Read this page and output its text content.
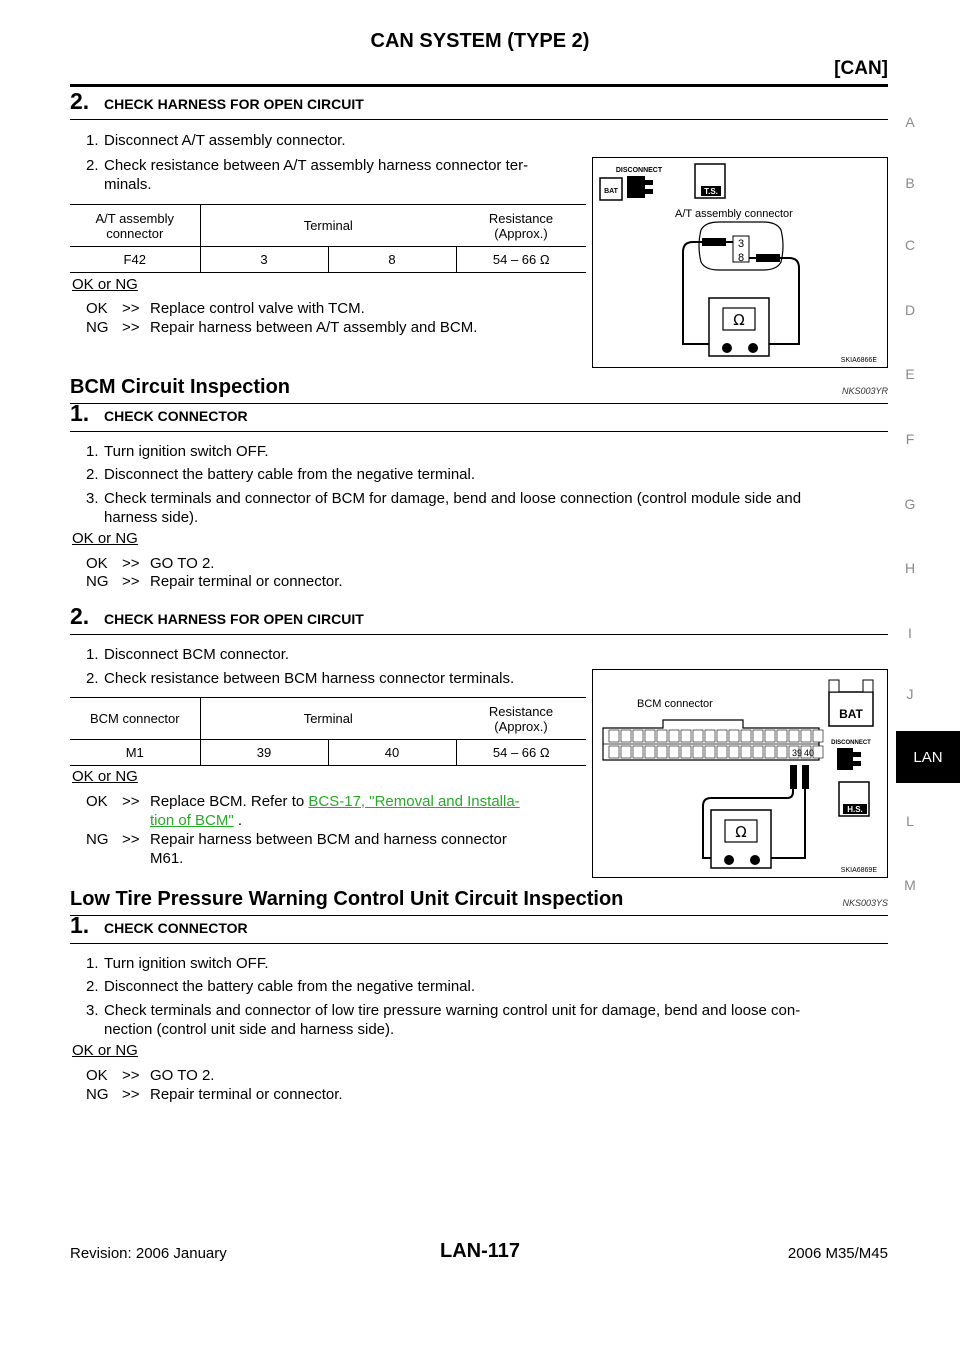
CAN SYSTEM (TYPE 2)
[CAN]
A
B
C
D
E
F
G
H
I
J
LAN
L
M
2. CHECK HARNESS FOR OPEN CIRCUIT
1. Disconnect A/T assembly connector.
2. Check resistance between A/T assembly harness connector ter-
minals.
A/T assembly
connector	Terminal		Resistance
(Approx.)
F42	3	8	54 – 66 Ω
OK or NG
OK >> Replace control valve with TCM.
NG >> Repair harness between A/T assembly and BCM.
BAT
DISCONNECT
T.S.
A/T assembly connector
3
8
Ω
SKIA6866E
BCM Circuit Inspection	NKS003YR
1. CHECK CONNECTOR
1. Turn ignition switch OFF.
2. Disconnect the battery cable from the negative terminal.
3. Check terminals and connector of BCM for damage, bend and loose connection (control module side and
harness side).
OK or NG
OK >> GO TO 2.
NG >> Repair terminal or connector.
2. CHECK HARNESS FOR OPEN CIRCUIT
1. Disconnect BCM connector.
2. Check resistance between BCM harness connector terminals.
BCM connector	Terminal		Resistance
(Approx.)
M1	39	40	54 – 66 Ω
OK or NG
OK >> Replace BCM. Refer to BCS-17, "Removal and Installa-
tion of BCM" .
NG >> Repair harness between BCM and harness connector
M61.
BCM connector
39 40
Ω
BAT
DISCONNECT
H.S.
SKIA6869E
Low Tire Pressure Warning Control Unit Circuit Inspection	NKS003YS
1. CHECK CONNECTOR
1. Turn ignition switch OFF.
2. Disconnect the battery cable from the negative terminal.
3. Check terminals and connector of low tire pressure warning control unit for damage, bend and loose con-
nection (control unit side and harness side).
OK or NG
OK >> GO TO 2.
NG >> Repair terminal or connector.
Revision: 2006 January	LAN-117	2006 M35/M45
